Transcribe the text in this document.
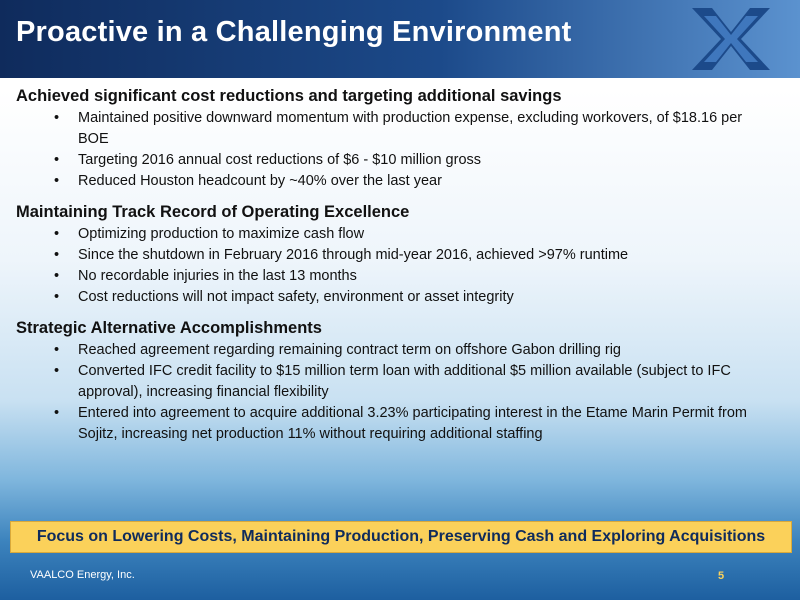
Proactive in a Challenging Environment

Achieved significant cost reductions and targeting additional savings

• Maintained positive downward momentum with production expense, excluding workovers, of $18.16 per BOE
• Targeting 2016 annual cost reductions of $6 - $10 million gross
• Reduced Houston headcount by ~40% over the last year

Maintaining Track Record of Operating Excellence

• Optimizing production to maximize cash flow
• Since the shutdown in February 2016 through mid-year 2016, achieved >97% runtime
• No recordable injuries in the last 13 months
• Cost reductions will not impact safety, environment or asset integrity

Strategic Alternative Accomplishments

• Reached agreement regarding remaining contract term on offshore Gabon drilling rig
• Converted IFC credit facility to $15 million term loan with additional $5 million available (subject to IFC approval), increasing financial flexibility
• Entered into agreement to acquire additional 3.23% participating interest in the Etame Marin Permit from Sojitz, increasing net production 11% without requiring additional staffing
Focus on Lowering Costs, Maintaining Production, Preserving Cash and Exploring Acquisitions
VAALCO Energy, Inc.	5
